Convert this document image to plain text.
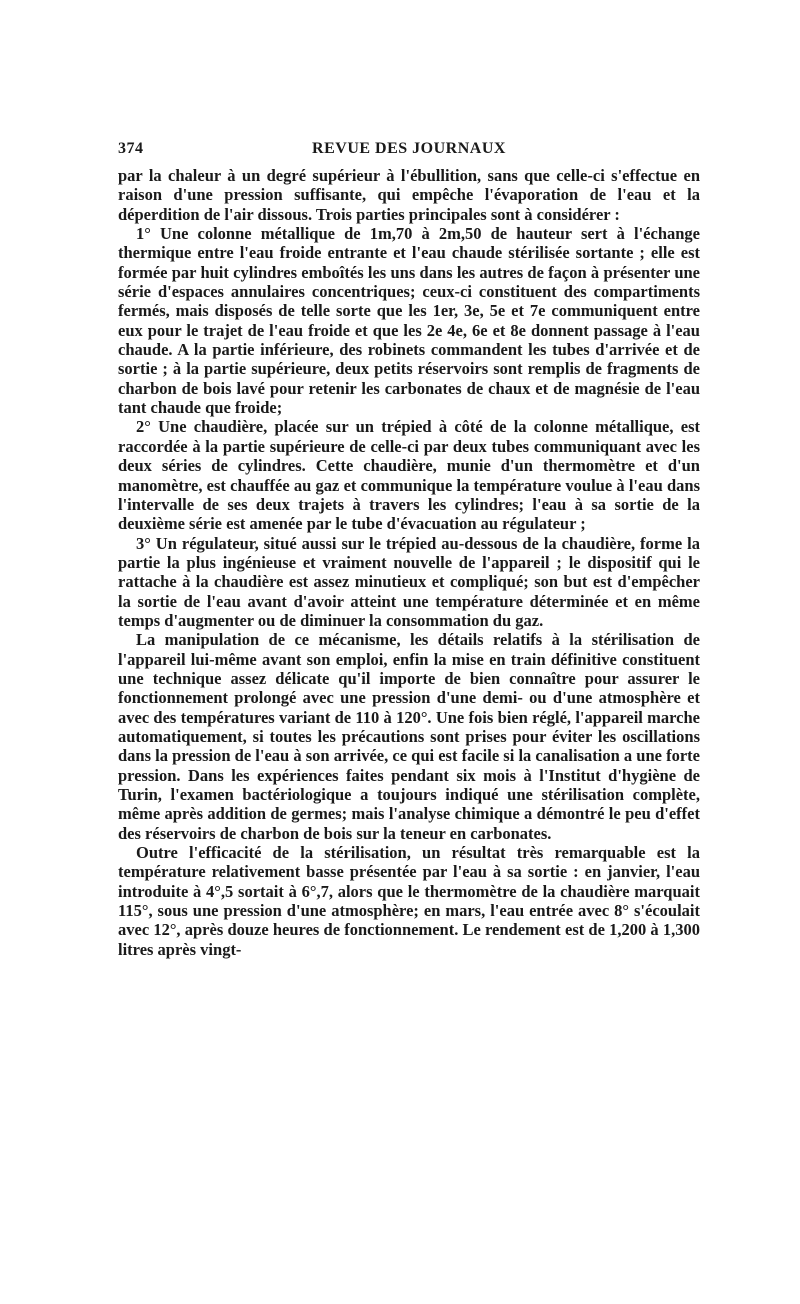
374	REVUE DES JOURNAUX

par la chaleur à un degré supérieur à l'ébullition, sans que celle-ci s'effectue en raison d'une pression suffisante, qui empêche l'évaporation de l'eau et la déperdition de l'air dissous. Trois parties principales sont à considérer :

1° Une colonne métallique de 1m,70 à 2m,50 de hauteur sert à l'échange thermique entre l'eau froide entrante et l'eau chaude stérilisée sortante ; elle est formée par huit cylindres emboîtés les uns dans les autres de façon à présenter une série d'espaces annulaires concentriques; ceux-ci constituent des compartiments fermés, mais disposés de telle sorte que les 1er, 3e, 5e et 7e communiquent entre eux pour le trajet de l'eau froide et que les 2e 4e, 6e et 8e donnent passage à l'eau chaude. A la partie inférieure, des robinets commandent les tubes d'arrivée et de sortie ; à la partie supérieure, deux petits réservoirs sont remplis de fragments de charbon de bois lavé pour retenir les carbonates de chaux et de magnésie de l'eau tant chaude que froide;

2° Une chaudière, placée sur un trépied à côté de la colonne métallique, est raccordée à la partie supérieure de celle-ci par deux tubes communiquant avec les deux séries de cylindres. Cette chaudière, munie d'un thermomètre et d'un manomètre, est chauffée au gaz et communique la température voulue à l'eau dans l'intervalle de ses deux trajets à travers les cylindres; l'eau à sa sortie de la deuxième série est amenée par le tube d'évacuation au régulateur ;

3° Un régulateur, situé aussi sur le trépied au-dessous de la chaudière, forme la partie la plus ingénieuse et vraiment nouvelle de l'appareil ; le dispositif qui le rattache à la chaudière est assez minutieux et compliqué; son but est d'empêcher la sortie de l'eau avant d'avoir atteint une température déterminée et en même temps d'augmenter ou de diminuer la consommation du gaz.

La manipulation de ce mécanisme, les détails relatifs à la stérilisation de l'appareil lui-même avant son emploi, enfin la mise en train définitive constituent une technique assez délicate qu'il importe de bien connaître pour assurer le fonctionnement prolongé avec une pression d'une demi- ou d'une atmosphère et avec des températures variant de 110 à 120°. Une fois bien réglé, l'appareil marche automatiquement, si toutes les précautions sont prises pour éviter les oscillations dans la pression de l'eau à son arrivée, ce qui est facile si la canalisation a une forte pression. Dans les expériences faites pendant six mois à l'Institut d'hygiène de Turin, l'examen bactériologique a toujours indiqué une stérilisation complète, même après addition de germes; mais l'analyse chimique a démontré le peu d'effet des réservoirs de charbon de bois sur la teneur en carbonates.

Outre l'efficacité de la stérilisation, un résultat très remarquable est la température relativement basse présentée par l'eau à sa sortie : en janvier, l'eau introduite à 4°,5 sortait à 6°,7, alors que le thermomètre de la chaudière marquait 115°, sous une pression d'une atmosphère; en mars, l'eau entrée avec 8° s'écoulait avec 12°, après douze heures de fonctionnement. Le rendement est de 1,200 à 1,300 litres après vingt-
